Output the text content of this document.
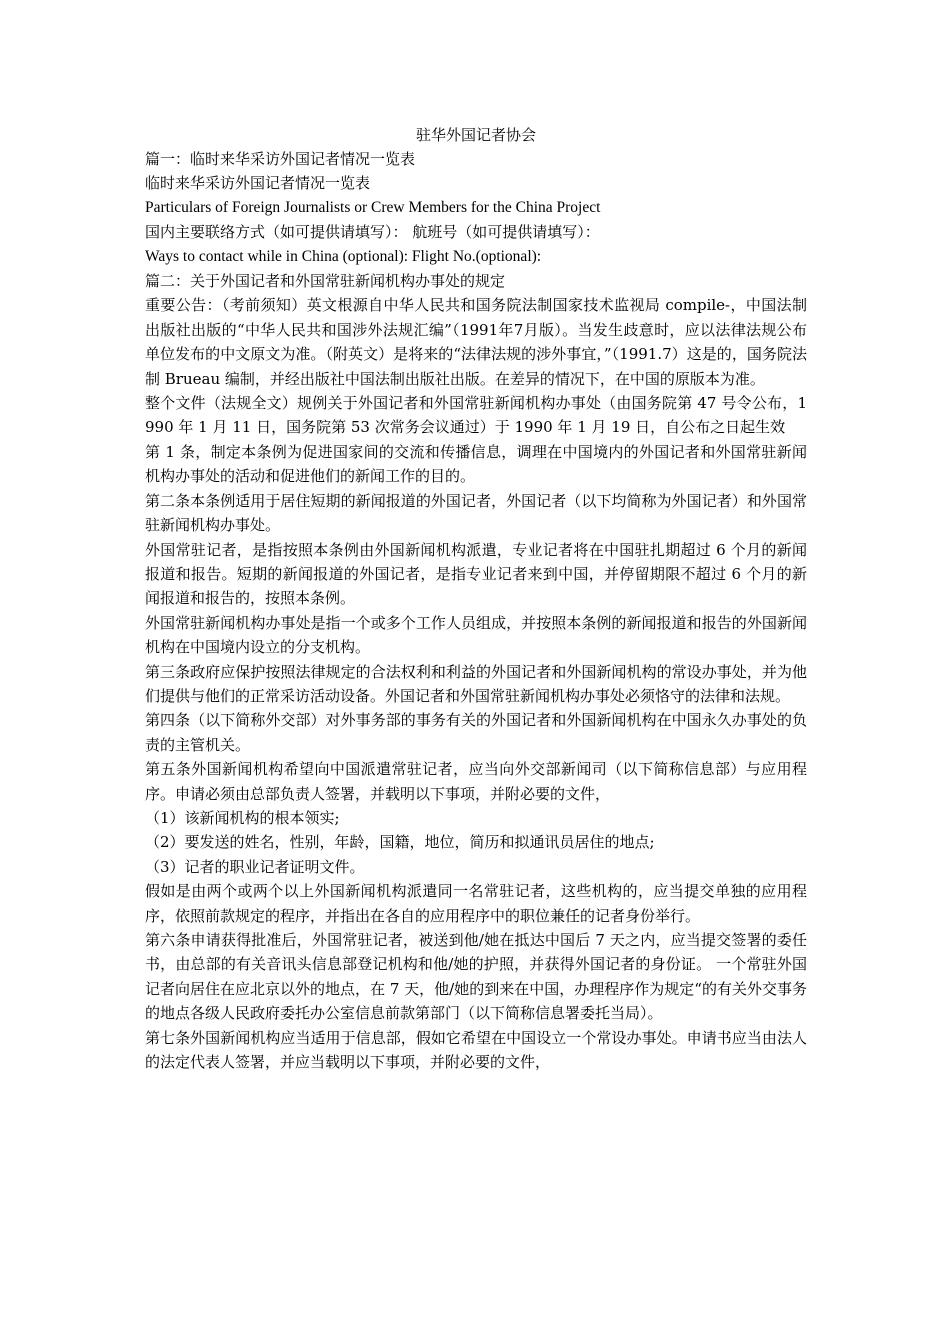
驻华外国记者协会

篇一：临时来华采访外国记者情况一览表

临时来华采访外国记者情况一览表

Particulars of Foreign Journalists or Crew Members for the China Project

国内主要联络方式（如可提供请填写）： 航班号（如可提供请填写）：

Ways to contact while in China (optional): Flight No.(optional):

篇二：关于外国记者和外国常驻新闻机构办事处的规定

重要公告：（考前须知）英文根源自中华人民共和国务院法制国家技术监视局 compile-，中国法制出版社出版的“中华人民共和国涉外法规汇编”（1991年7月版）。当发生歧意时，应以法律法规公布单位发布的中文原文为准。（附英文）是将来的“法律法规的涉外事宜，”（1991.7）这是的，国务院法制 Brueau 编制，并经出版社中国法制出版社出版。在差异的情况下，在中国的原版本为准。

整个文件（法规全文）规例关于外国记者和外国常驻新闻机构办事处（由国务院第 47 号令公布，1990 年 1 月 11 日，国务院第 53 次常务会议通过）于 1990 年 1 月 19 日，自公布之日起生效

第 1 条，制定本条例为促进国家间的交流和传播信息，调理在中国境内的外国记者和外国常驻新闻机构办事处的活动和促进他们的新闻工作的目的。

第二条本条例适用于居住短期的新闻报道的外国记者，外国记者（以下均简称为外国记者）和外国常驻新闻机构办事处。

外国常驻记者，是指按照本条例由外国新闻机构派遣，专业记者将在中国驻扎期超过 6 个月的新闻报道和报告。短期的新闻报道的外国记者，是指专业记者来到中国，并停留期限不超过 6 个月的新闻报道和报告的，按照本条例。

外国常驻新闻机构办事处是指一个或多个工作人员组成，并按照本条例的新闻报道和报告的外国新闻机构在中国境内设立的分支机构。

第三条政府应保护按照法律规定的合法权利和利益的外国记者和外国新闻机构的常设办事处，并为他们提供与他们的正常采访活动设备。外国记者和外国常驻新闻机构办事处必须恪守的法律和法规。

第四条（以下简称外交部）对外事务部的事务有关的外国记者和外国新闻机构在中国永久办事处的负责的主管机关。

第五条外国新闻机构希望向中国派遣常驻记者，应当向外交部新闻司（以下简称信息部）与应用程序。申请必须由总部负责人签署，并载明以下事项，并附必要的文件，

（1）该新闻机构的根本领实;

（2）要发送的姓名，性别，年龄，国籍，地位，简历和拟通讯员居住的地点;

（3）记者的职业记者证明文件。

假如是由两个或两个以上外国新闻机构派遣同一名常驻记者，这些机构的，应当提交单独的应用程序，依照前款规定的程序，并指出在各自的应用程序中的职位兼任的记者身份举行。

第六条申请获得批准后，外国常驻记者，被送到他/她在抵达中国后 7 天之内，应当提交签署的委任书，由总部的有关音讯头信息部登记机构和他/她的护照，并获得外国记者的身份证。 一个常驻外国记者向居住在应北京以外的地点，在 7 天，他/她的到来在中国，办理程序作为规定“的有关外交事务的地点各级人民政府委托办公室信息前款第部门（以下简称信息署委托当局）。

第七条外国新闻机构应当适用于信息部，假如它希望在中国设立一个常设办事处。申请书应当由法人的法定代表人签署，并应当载明以下事项，并附必要的文件，
